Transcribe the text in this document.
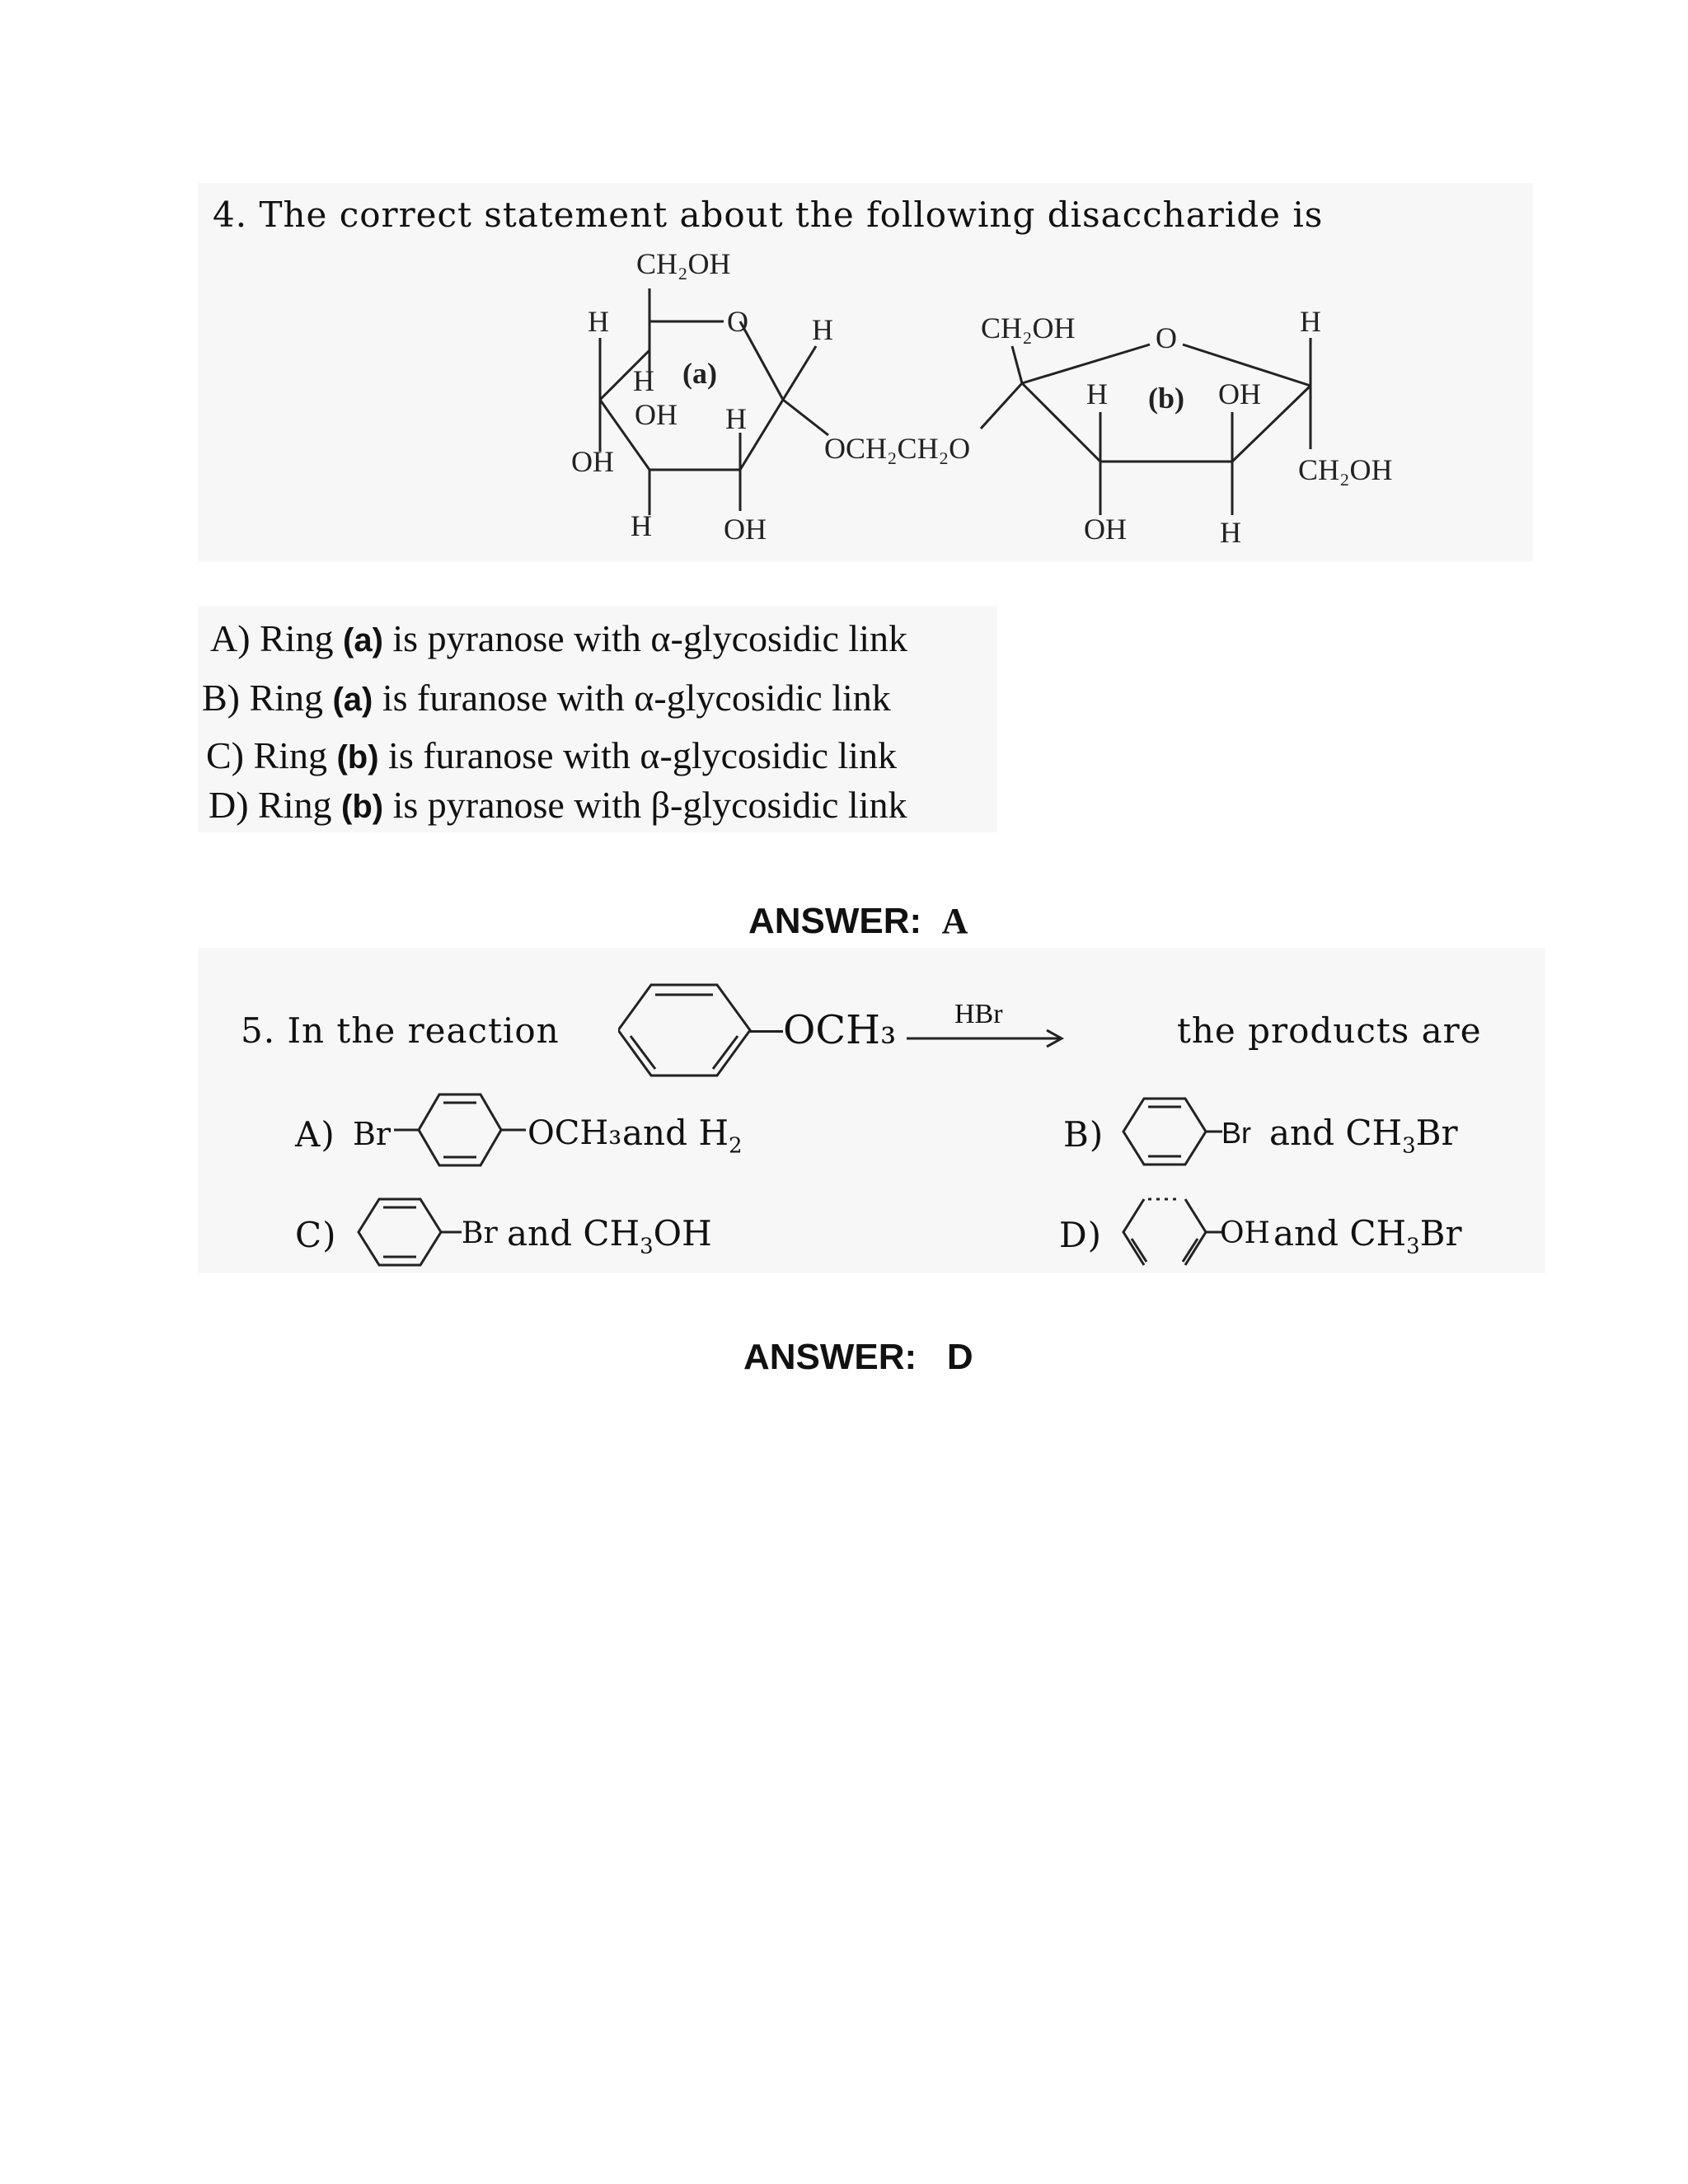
4. The correct statement about the following disaccharide is
CH₂OH
H	O H
H (a)
OH H
OH
H OH
OCH₂CH₂O
CH₂OH	O	H
H (b) OH
CH₂OH
OH	H
A) Ring (a) is pyranose with α-glycosidic link
B) Ring (a) is furanose with α-glycosidic link
C) Ring (b) is furanose with α-glycosidic link
D) Ring (b) is pyranose with β-glycosidic link
ANSWER: A
5. In the reaction	OCH₃ HBr	the products are
A) Br	OCH₃ and $H_2$	B)	Br and $CH_3Br$
C)	Br and $CH_3OH$	D)	OH and $CH_3Br$
ANSWER: D
